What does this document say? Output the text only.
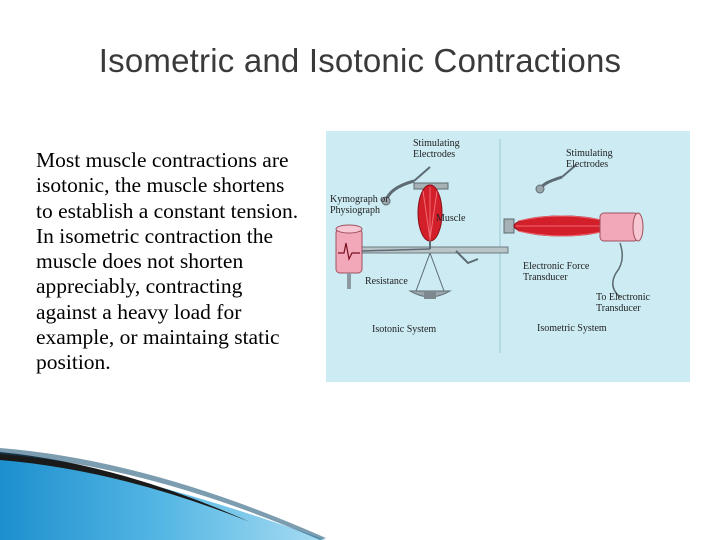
Isometric and Isotonic Contractions

Most muscle contractions are
isotonic, the muscle shortens
to establish a constant tension.
In isometric contraction the
muscle does not shorten
appreciably, contracting
against a heavy load for
example, or maintaing static
position.

Stimulating
Electrodes	Stimulating
Electrodes
Kymograph or
Physiograph
Muscle
Resistance
Isotonic System
Electronic Force
Transducer
To Electronic
Transducer
Isometric System
